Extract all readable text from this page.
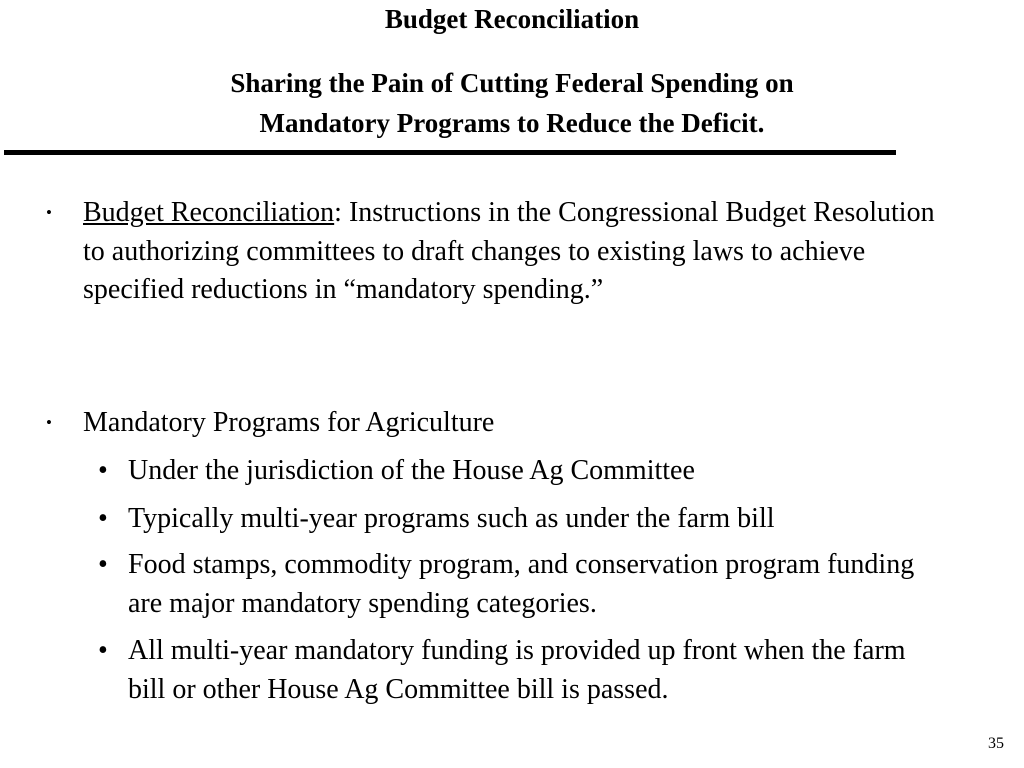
Budget Reconciliation
Sharing the Pain of Cutting Federal Spending on
Mandatory Programs to Reduce the Deficit.
• Budget Reconciliation: Instructions in the Congressional Budget Resolution to authorizing committees to draft changes to existing laws to achieve specified reductions in “mandatory spending.”
• Mandatory Programs for Agriculture
• Under the jurisdiction of the House Ag Committee
• Typically multi-year programs such as under the farm bill
• Food stamps, commodity program, and conservation program funding are major mandatory spending categories.
• All multi-year mandatory funding is provided up front when the farm bill or other House Ag Committee bill is passed.
35
